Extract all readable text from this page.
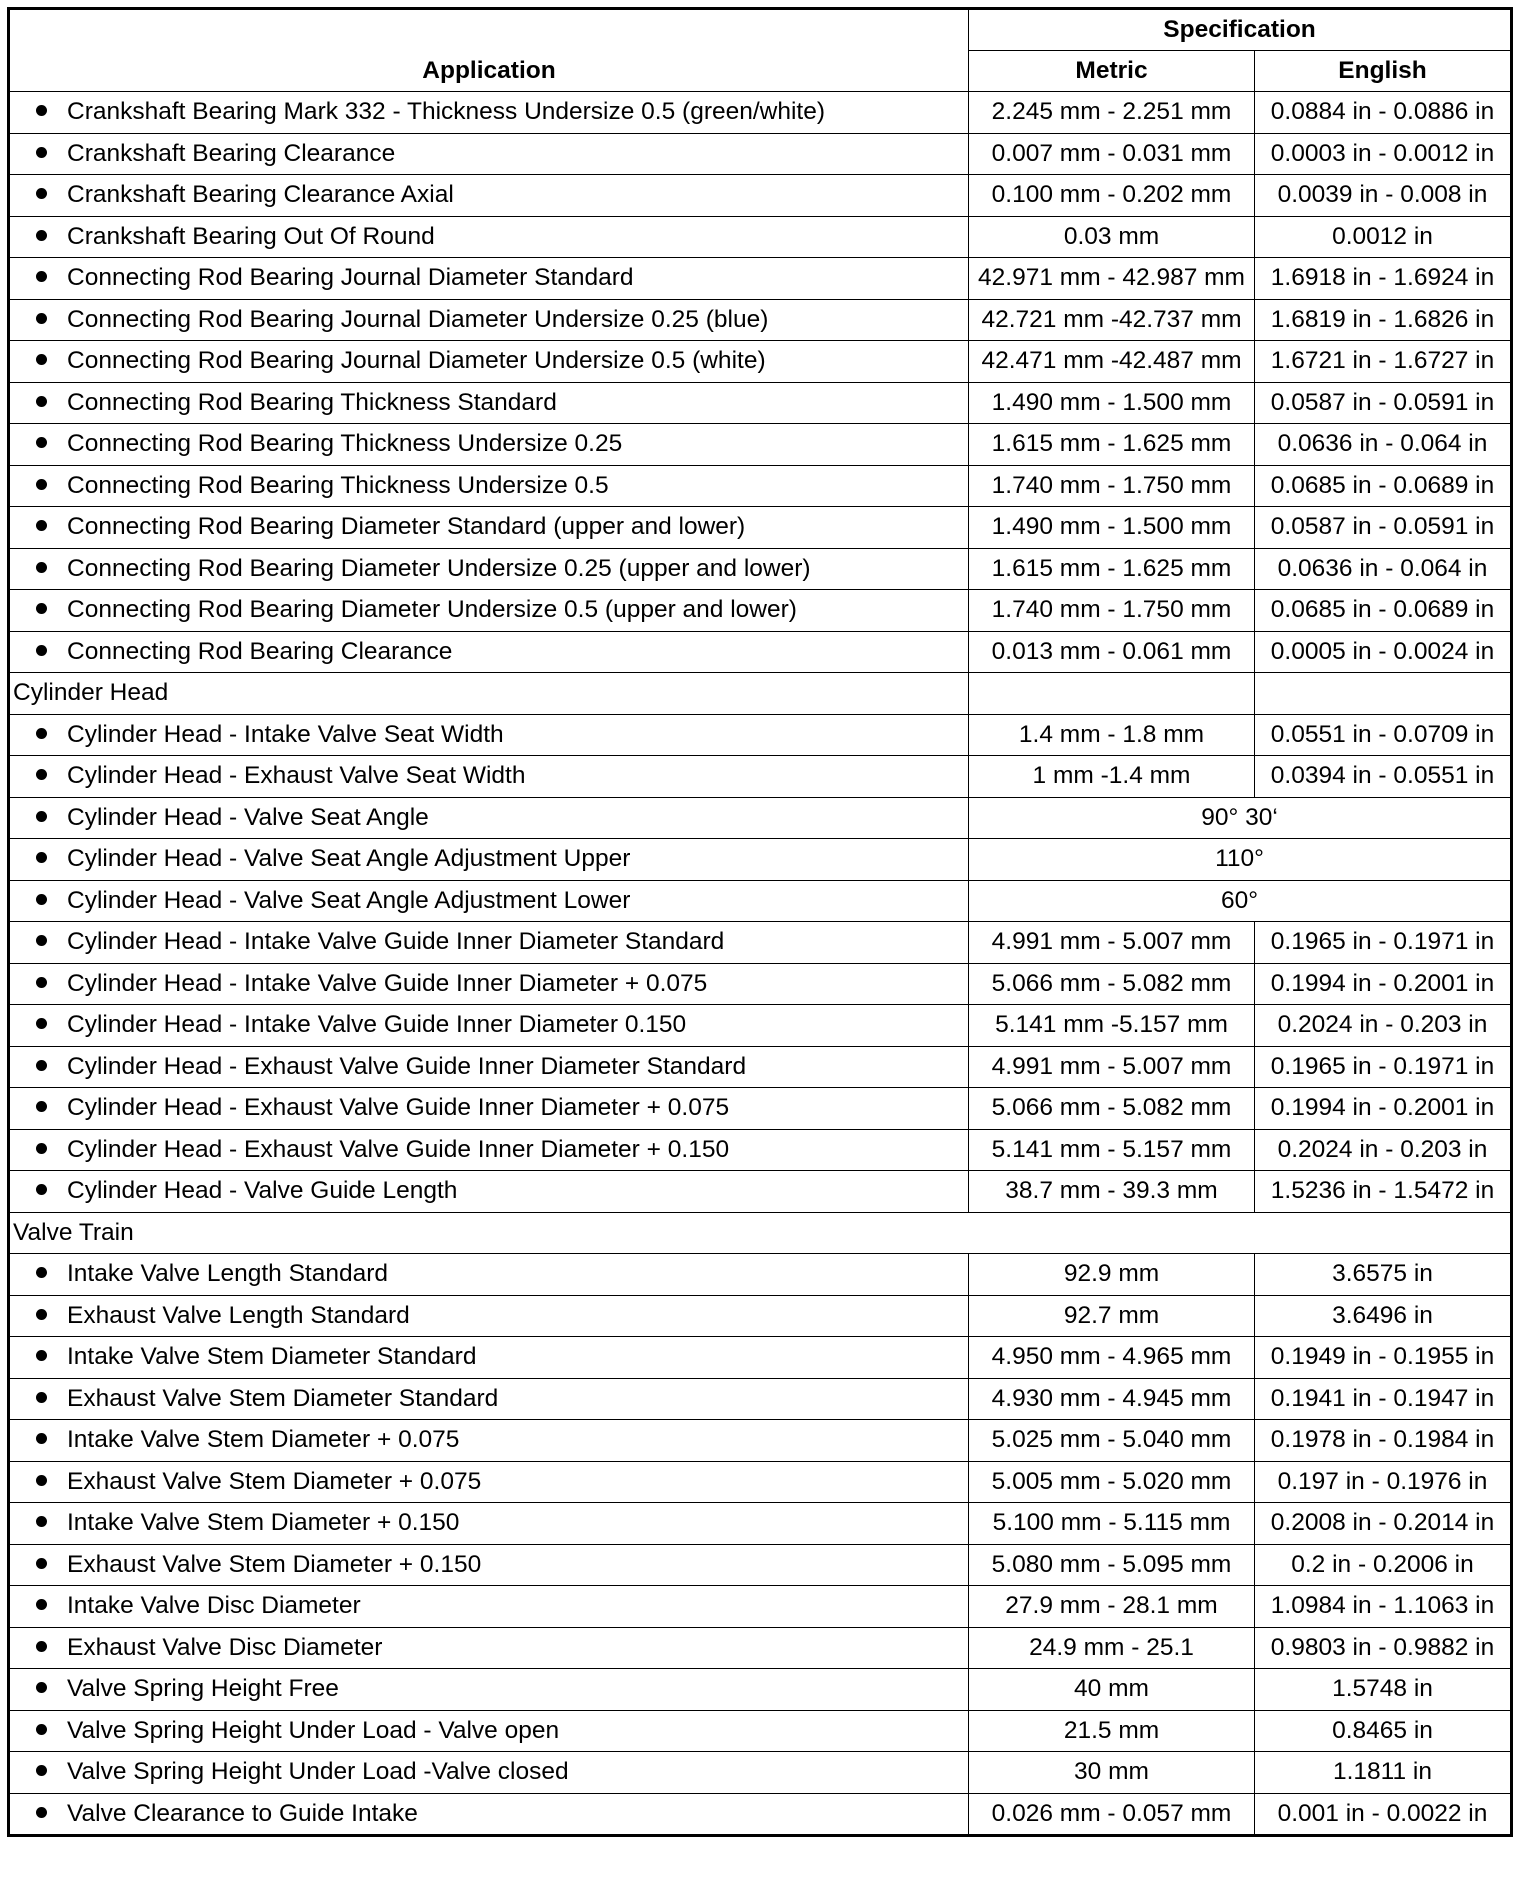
Application	Specification	
	Metric	English
Crankshaft Bearing Mark 332 - Thickness Undersize 0.5 (green/white)	2.245 mm - 2.251 mm	0.0884 in - 0.0886 in
Crankshaft Bearing Clearance	0.007 mm - 0.031 mm	0.0003 in - 0.0012 in
Crankshaft Bearing Clearance Axial	0.100 mm - 0.202 mm	0.0039 in - 0.008 in
Crankshaft Bearing Out Of Round	0.03 mm	0.0012 in
Connecting Rod Bearing Journal Diameter Standard	42.971 mm - 42.987 mm	1.6918 in - 1.6924 in
Connecting Rod Bearing Journal Diameter Undersize 0.25 (blue)	42.721 mm -42.737 mm	1.6819 in - 1.6826 in
Connecting Rod Bearing Journal Diameter Undersize 0.5 (white)	42.471 mm -42.487 mm	1.6721 in - 1.6727 in
Connecting Rod Bearing Thickness Standard	1.490 mm - 1.500 mm	0.0587 in - 0.0591 in
Connecting Rod Bearing Thickness Undersize 0.25	1.615 mm - 1.625 mm	0.0636 in - 0.064 in
Connecting Rod Bearing Thickness Undersize 0.5	1.740 mm - 1.750 mm	0.0685 in - 0.0689 in
Connecting Rod Bearing Diameter Standard (upper and lower)	1.490 mm - 1.500 mm	0.0587 in - 0.0591 in
Connecting Rod Bearing Diameter Undersize 0.25 (upper and lower)	1.615 mm - 1.625 mm	0.0636 in - 0.064 in
Connecting Rod Bearing Diameter Undersize 0.5 (upper and lower)	1.740 mm - 1.750 mm	0.0685 in - 0.0689 in
Connecting Rod Bearing Clearance	0.013 mm - 0.061 mm	0.0005 in - 0.0024 in
Cylinder Head		
Cylinder Head - Intake Valve Seat Width	1.4 mm - 1.8 mm	0.0551 in - 0.0709 in
Cylinder Head - Exhaust Valve Seat Width	1 mm -1.4 mm	0.0394 in - 0.0551 in
Cylinder Head - Valve Seat Angle	90° 30‘	
Cylinder Head - Valve Seat Angle Adjustment Upper	110°	
Cylinder Head - Valve Seat Angle Adjustment Lower	60°	
Cylinder Head - Intake Valve Guide Inner Diameter Standard	4.991 mm - 5.007 mm	0.1965 in - 0.1971 in
Cylinder Head - Intake Valve Guide Inner Diameter + 0.075	5.066 mm - 5.082 mm	0.1994 in - 0.2001 in
Cylinder Head - Intake Valve Guide Inner Diameter 0.150	5.141 mm -5.157 mm	0.2024 in - 0.203 in
Cylinder Head - Exhaust Valve Guide Inner Diameter Standard	4.991 mm - 5.007 mm	0.1965 in - 0.1971 in
Cylinder Head - Exhaust Valve Guide Inner Diameter + 0.075	5.066 mm - 5.082 mm	0.1994 in - 0.2001 in
Cylinder Head - Exhaust Valve Guide Inner Diameter + 0.150	5.141 mm - 5.157 mm	0.2024 in - 0.203 in
Cylinder Head - Valve Guide Length	38.7 mm - 39.3 mm	1.5236 in - 1.5472 in
Valve Train		
Intake Valve Length Standard	92.9 mm	3.6575 in
Exhaust Valve Length Standard	92.7 mm	3.6496 in
Intake Valve Stem Diameter Standard	4.950 mm - 4.965 mm	0.1949 in - 0.1955 in
Exhaust Valve Stem Diameter Standard	4.930 mm - 4.945 mm	0.1941 in - 0.1947 in
Intake Valve Stem Diameter + 0.075	5.025 mm - 5.040 mm	0.1978 in - 0.1984 in
Exhaust Valve Stem Diameter + 0.075	5.005 mm - 5.020 mm	0.197 in - 0.1976 in
Intake Valve Stem Diameter + 0.150	5.100 mm - 5.115 mm	0.2008 in - 0.2014 in
Exhaust Valve Stem Diameter + 0.150	5.080 mm - 5.095 mm	0.2 in - 0.2006 in
Intake Valve Disc Diameter	27.9 mm - 28.1 mm	1.0984 in - 1.1063 in
Exhaust Valve Disc Diameter	24.9 mm - 25.1	0.9803 in - 0.9882 in
Valve Spring Height Free	40 mm	1.5748 in
Valve Spring Height Under Load - Valve open	21.5 mm	0.8465 in
Valve Spring Height Under Load -Valve closed	30 mm	1.1811 in
Valve Clearance to Guide Intake	0.026 mm - 0.057 mm	0.001 in - 0.0022 in
